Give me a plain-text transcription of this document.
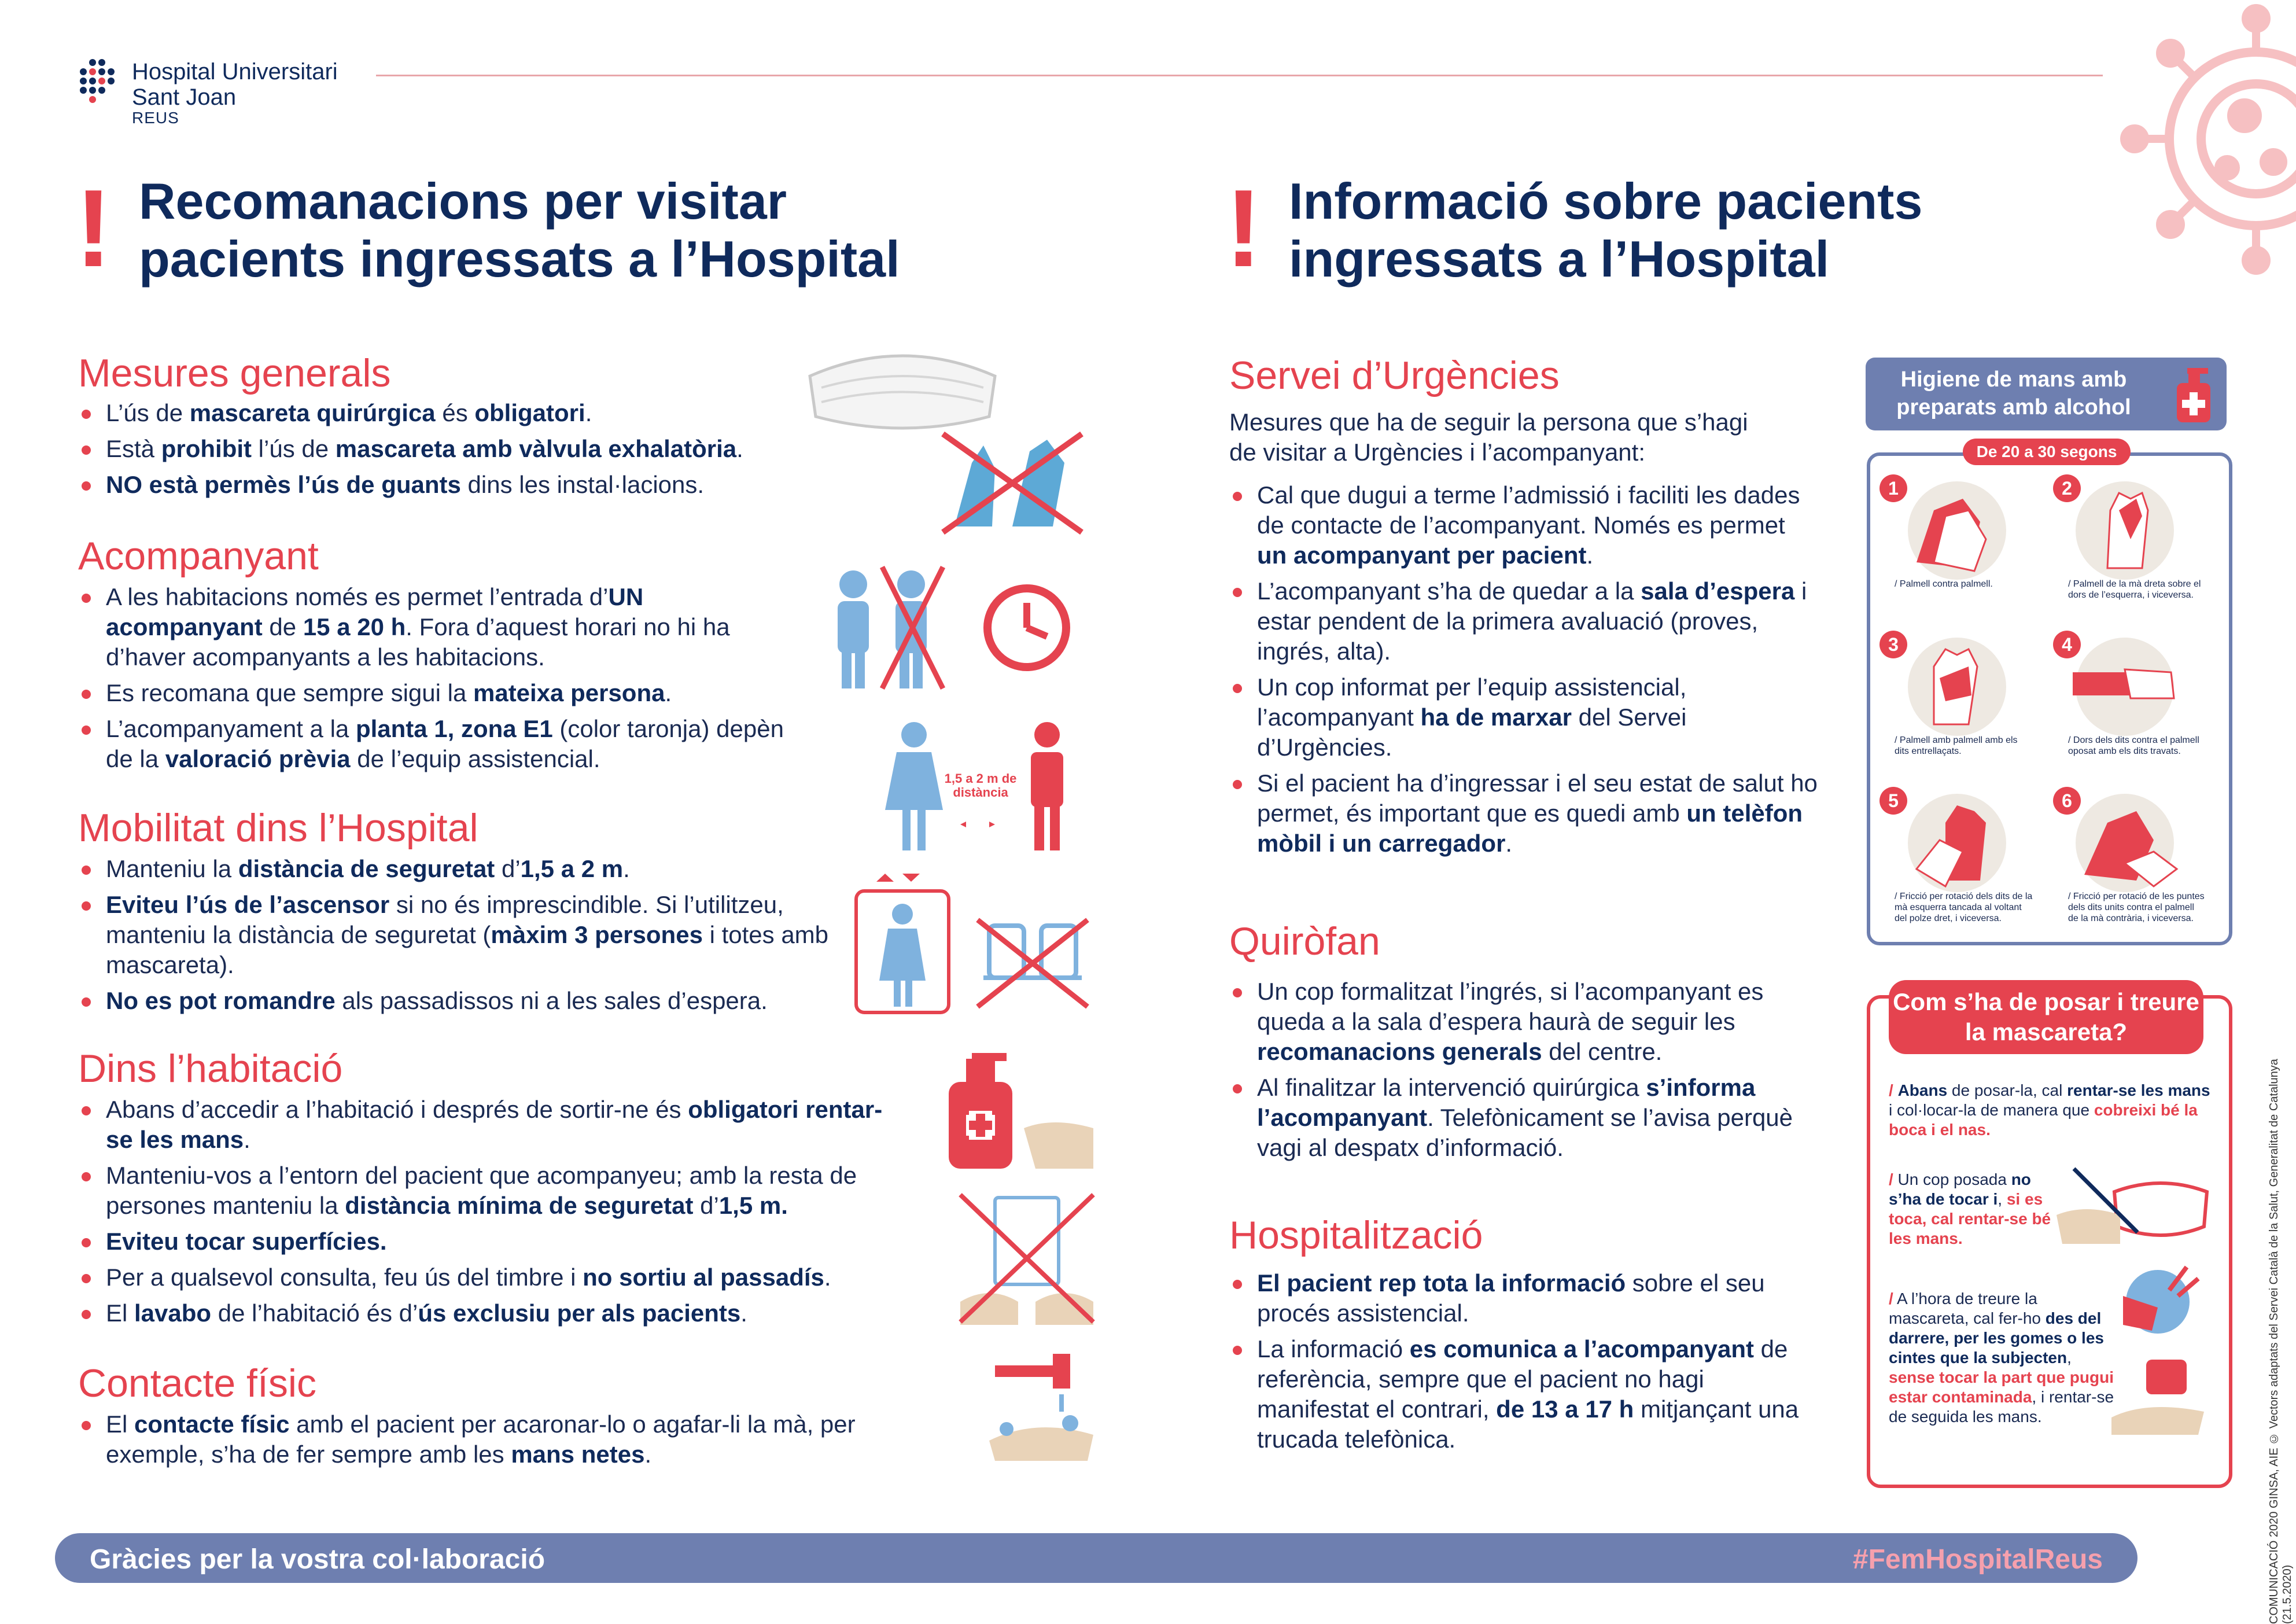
Hospital Universitari
Sant Joan
REUS
! Recomanacions per visitar
pacients ingressats a l’Hospital
Mesures generals
L’ús de mascareta quirúrgica és obligatori.
Està prohibit l’ús de mascareta amb vàlvula exhalatòria.
NO està permès l’ús de guants dins les instal·lacions.
Acompanyant
A les habitacions només es permet l’entrada d’UN acompanyant de 15 a 20 h. Fora d’aquest horari no hi ha d’haver acompanyants a les habitacions.
Es recomana que sempre sigui la mateixa persona.
L’acompanyament a la planta 1, zona E1 (color taronja) depèn de la valoració prèvia de l’equip assistencial.
Mobilitat dins l’Hospital
Manteniu la distància de seguretat d’1,5 a 2 m.
Eviteu l’ús de l’ascensor si no és imprescindible. Si l’utilitzeu, manteniu la distància de seguretat (màxim 3 persones i totes amb mascareta).
No es pot romandre als passadissos ni a les sales d’espera.
Dins l’habitació
Abans d’accedir a l’habitació i després de sortir-ne és obligatori rentar-se les mans.
Manteniu-vos a l’entorn del pacient que acompanyeu; amb la resta de persones manteniu la distància mínima de seguretat d’1,5 m.
Eviteu tocar superfícies.
Per a qualsevol consulta, feu ús del timbre i no sortiu al passadís.
El lavabo de l’habitació és d’ús exclusiu per als pacients.
Contacte físic
El contacte físic amb el pacient per acaronar-lo o agafar-li la mà, per exemple, s’ha de fer sempre amb les mans netes.
1,5 a 2 m de distància
! Informació sobre pacients
ingressats a l’Hospital
Servei d’Urgències
Mesures que ha de seguir la persona que s’hagi de visitar a Urgències i l’acompanyant:
Cal que dugui a terme l’admissió i faciliti les dades de contacte de l’acompanyant. Només es permet un acompanyant per pacient.
L’acompanyant s’ha de quedar a la sala d’espera i estar pendent de la primera avaluació (proves, ingrés, alta).
Un cop informat per l’equip assistencial, l’acompanyant ha de marxar del Servei d’Urgències.
Si el pacient ha d’ingressar i el seu estat de salut ho permet, és important que es quedi amb un telèfon mòbil i un carregador.
Quiròfan
Un cop formalitzat l’ingrés, si l’acompanyant es queda a la sala d’espera haurà de seguir les recomanacions generals del centre.
Al finalitzar la intervenció quirúrgica s’informa l’acompanyant. Telefònicament se l’avisa perquè vagi al despatx d’informació.
Hospitalització
El pacient rep tota la informació sobre el seu procés assistencial.
La informació es comunica a l’acompanyant de referència, sempre que el pacient no hagi manifestat el contrari, de 13 a 17 h mitjançant una trucada telefònica.
Higiene de mans amb preparats amb alcohol
De 20 a 30 segons
1
/ Palmell contra palmell.
2
/ Palmell de la mà dreta sobre el dors de l’esquerra, i viceversa.
3
/ Palmell amb palmell amb els dits entrellaçats.
4
/ Dors dels dits contra el palmell oposat amb els dits travats.
5
/ Fricció per rotació dels dits de la mà esquerra tancada al voltant del polze dret, i viceversa.
6
/ Fricció per rotació de les puntes dels dits units contra el palmell de la mà contrària, i viceversa.
Com s’ha de posar i treure la mascareta?
/ Abans de posar-la, cal rentar-se les mans i col·locar-la de manera que cobreixi bé la boca i el nas.
/ Un cop posada no s’ha de tocar i, si es toca, cal rentar-se bé les mans.
/ A l’hora de treure la mascareta, cal fer-ho des del darrere, per les gomes o les cintes que la subjecten, sense tocar la part que pugui estar contaminada, i rentar-se de seguida les mans.
Gràcies per la vostra col·laboració	#FemHospitalReus	COMUNICACIÓ 2020 GINSA, AIE © Vectors adaptats del Servei Català de la Salut, Generalitat de Catalunya (21.5.2020)
